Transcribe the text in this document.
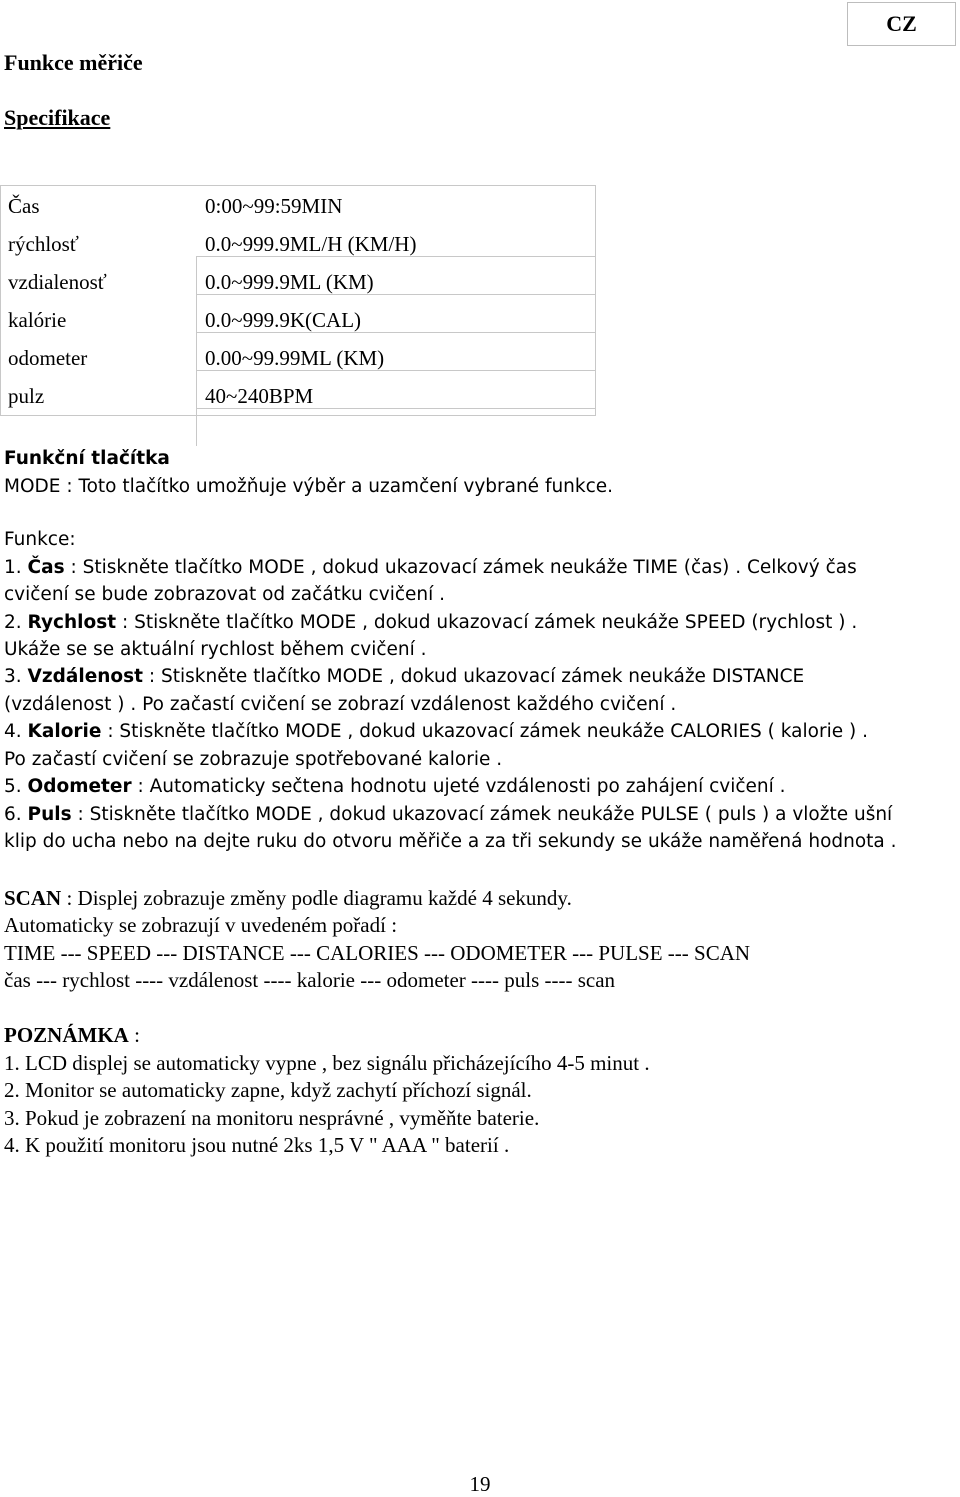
CZ
Funkce měřiče
Specifikace
Čas	0:00~99:59MIN
rýchlosť	0.0~999.9ML/H (KM/H)
vzdialenosť	0.0~999.9ML (KM)
kalórie	0.0~999.9K(CAL)
odometer	0.00~99.99ML (KM)
pulz	40~240BPM
Funkční tlačítka
MODE : Toto tlačítko umožňuje výběr a uzamčení vybrané funkce.
Funkce:
1. Čas : Stiskněte tlačítko MODE , dokud ukazovací zámek neukáže TIME (čas) . Celkový čas
cvičení se bude zobrazovat od začátku cvičení .
2. Rychlost : Stiskněte tlačítko MODE , dokud ukazovací zámek neukáže SPEED (rychlost ) .
Ukáže se se aktuální rychlost během cvičení .
3. Vzdálenost : Stiskněte tlačítko MODE , dokud ukazovací zámek neukáže DISTANCE
(vzdálenost ) . Po začastí cvičení se zobrazí vzdálenost každého cvičení .
4. Kalorie : Stiskněte tlačítko MODE , dokud ukazovací zámek neukáže CALORIES ( kalorie ) .
Po začastí cvičení se zobrazuje spotřebované kalorie .
5. Odometer : Automaticky sečtena hodnotu ujeté vzdálenosti po zahájení cvičení .
6. Puls : Stiskněte tlačítko MODE , dokud ukazovací zámek neukáže PULSE ( puls ) a vložte ušní
klip do ucha nebo na dejte ruku do otvoru měřiče a za tři sekundy se ukáže naměřená hodnota .
SCAN : Displej zobrazuje změny podle diagramu každé 4 sekundy.
Automaticky se zobrazují v uvedeném pořadí :
TIME --- SPEED --- DISTANCE --- CALORIES --- ODOMETER --- PULSE --- SCAN
čas --- rychlost ---- vzdálenost ---- kalorie --- odometer ---- puls ---- scan
POZNÁMKA :
1. LCD displej se automaticky vypne , bez signálu přicházejícího 4-5 minut .
2. Monitor se automaticky zapne, když zachytí příchozí signál.
3. Pokud je zobrazení na monitoru nesprávné , vyměňte baterie.
4. K použití monitoru jsou nutné 2ks 1,5 V " AAA " baterií .
19
